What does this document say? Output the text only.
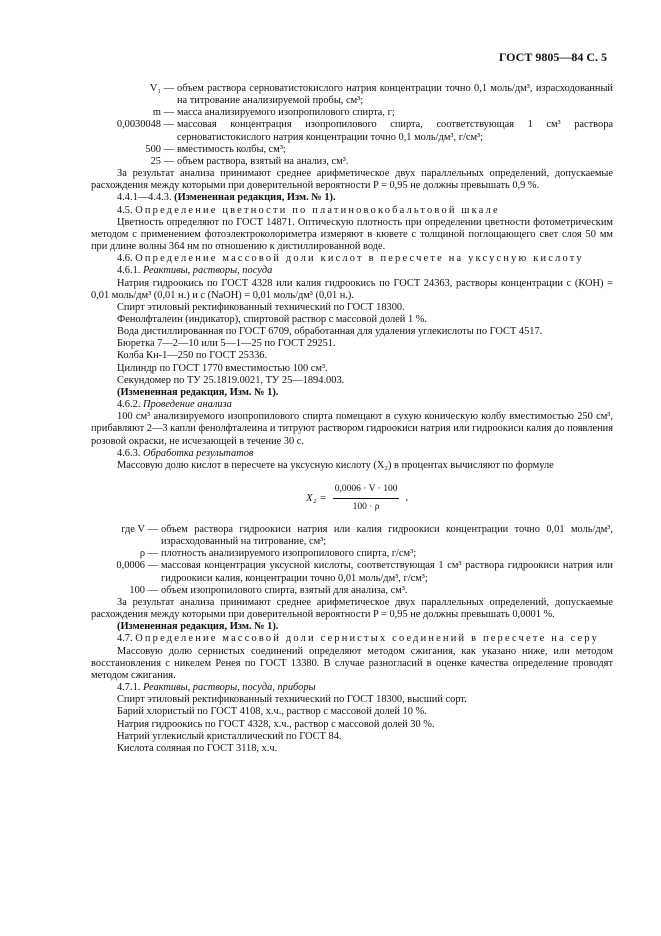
ГОСТ 9805—84 С. 5
V₁ — объем раствора серноватистокислого натрия концентрации точно 0,1 моль/дм³, израсходованный на титрование анализируемой пробы, см³;
m — масса анализируемого изопропилового спирта, г;
0,0030048 — массовая концентрация изопропилового спирта, соответствующая 1 см³ раствора серноватистокислого натрия концентрации точно 0,1 моль/дм³, г/см³;
500 — вместимость колбы, см³;
25 — объем раствора, взятый на анализ, см³.

За результат анализа принимают среднее арифметическое двух параллельных определений, допускаемые расхождения между которыми при доверительной вероятности P = 0,95 не должны превышать 0,9 %.

4.4.1—4.4.3. (Измененная редакция, Изм. № 1).

4.5. Определение цветности по платиновокобальтовой шкале

Цветность определяют по ГОСТ 14871. Оптическую плотность при определении цветности фотометрическим методом с применением фотоэлектроколориметра измеряют в кювете с толщиной поглощающего свет слоя 50 мм при длине волны 364 нм по отношению к дистиллированной воде.

4.6. Определение массовой доли кислот в пересчете на уксусную кислоту

4.6.1. Реактивы, растворы, посуда

Натрия гидроокись по ГОСТ 4328 или калия гидроокись по ГОСТ 24363, растворы концентрации c (КОН) = 0,01 моль/дм³ (0,01 н.) и c (NaOH) = 0,01 моль/дм³ (0,01 н.).

Спирт этиловый ректификованный технический по ГОСТ 18300.

Фенолфталеин (индикатор), спиртовой раствор с массовой долей 1 %.

Вода дистиллированная по ГОСТ 6709, обработанная для удаления углекислоты по ГОСТ 4517.

Бюретка 7—2—10 или 5—1—25 по ГОСТ 29251.

Колба Кн-1—250 по ГОСТ 25336.

Цилиндр по ГОСТ 1770 вместимостью 100 см³.

Секундомер по ТУ 25.1819.0021, ТУ 25—1894.003.

(Измененная редакция, Изм. № 1).

4.6.2. Проведение анализа

100 см³ анализируемого изопропилового спирта помещают в сухую коническую колбу вместимостью 250 см³, прибавляют 2—3 капли фенолфталеина и титруют раствором гидроокиси натрия или гидроокиси калия до появления розовой окраски, не исчезающей в течение 30 с.

4.6.3. Обработка результатов

Массовую долю кислот в пересчете на уксусную кислоту (X₂) в процентах вычисляют по формуле

$X_2 = \frac{0,0006 \cdot V \cdot 100}{100 \cdot \rho}$ ,
где V — объем раствора гидроокиси натрия или калия гидроокиси концентрации точно 0,01 моль/дм³, израсходованный на титрование, см³;
ρ — плотность анализируемого изопропилового спирта, г/см³;
0,0006 — массовая концентрация уксусной кислоты, соответствующая 1 см³ раствора гидроокиси натрия или гидроокиси калия, концентрации точно 0,01 моль/дм³, г/см³;
100 — объем изопропилового спирта, взятый для анализа, см³.

За результат анализа принимают среднее арифметическое двух параллельных определений, допускаемые расхождения между которыми при доверительной вероятности P = 0,95 не должны превышать 0,0001 %.

(Измененная редакция, Изм. № 1).

4.7. Определение массовой доли сернистых соединений в пересчете на серу

Массовую долю сернистых соединений определяют методом сжигания, как указано ниже, или методом восстановления с никелем Ренея по ГОСТ 13380. В случае разногласий в оценке качества определение проводят методом сжигания.

4.7.1. Реактивы, растворы, посуда, приборы

Спирт этиловый ректификованный технический по ГОСТ 18300, высший сорт.

Барий хлористый по ГОСТ 4108, х.ч., раствор с массовой долей 10 %.

Натрия гидроокись по ГОСТ 4328, х.ч., раствор с массовой долей 30 %.

Натрий углекислый кристаллический по ГОСТ 84.

Кислота соляная по ГОСТ 3118, х.ч.
